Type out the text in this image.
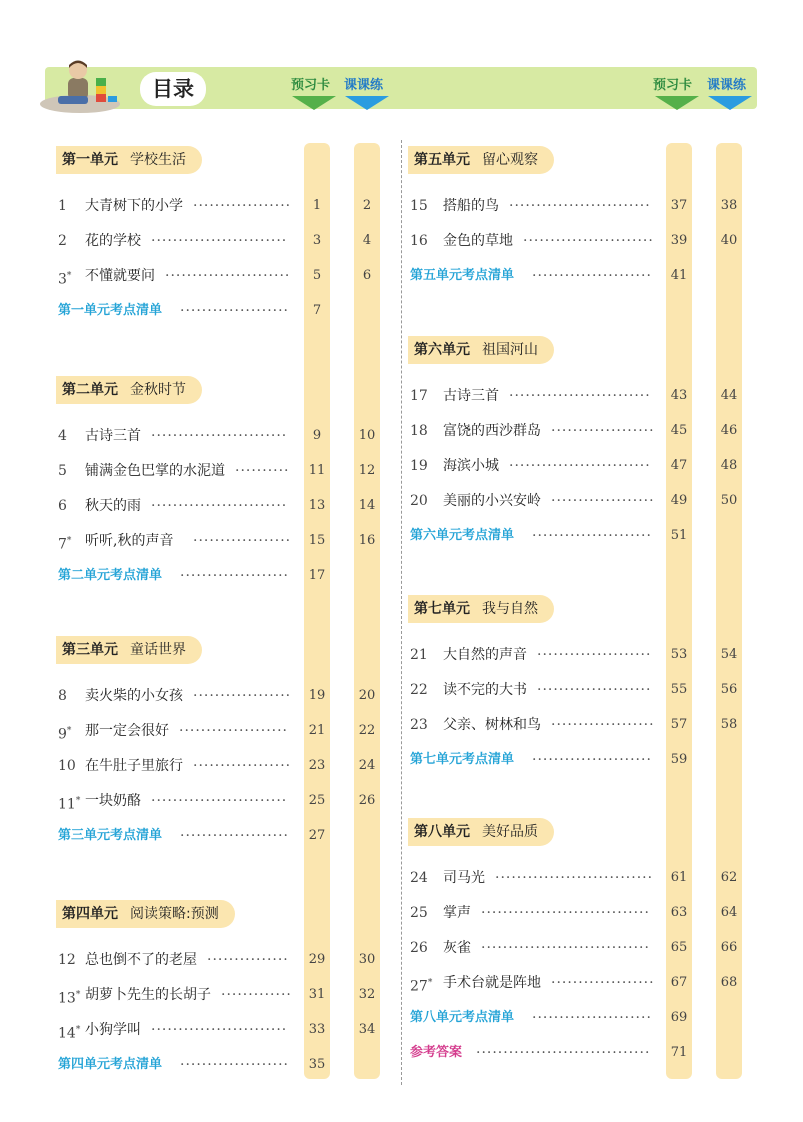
目录	预习卡	课课练	预习卡	课课练
第一单元 学校生活
1 大青树下的小学 ··················	1	2
2 花的学校 ·························	3	4
3* 不懂就要问 ·······················	5	6
第一单元考点清单 ····················	7
第二单元 金秋时节
4 古诗三首 ·························	9	10
5 铺满金色巴掌的水泥道 ··········	11	12
6 秋天的雨 ·························	13	14
7* 听听,秋的声音 ··················	15	16
第二单元考点清单 ····················	17
第三单元 童话世界
8 卖火柴的小女孩 ··················	19	20
9* 那一定会很好 ····················	21	22
10 在牛肚子里旅行 ··················	23	24
11* 一块奶酪 ·························	25	26
第三单元考点清单 ····················	27
第四单元 阅读策略:预测
12 总也倒不了的老屋 ···············	29	30
13* 胡萝卜先生的长胡子 ·············	31	32
14* 小狗学叫 ·························	33	34
第四单元考点清单 ····················	35
第五单元 留心观察
15 搭船的鸟 ··························	37	38
16 金色的草地 ························	39	40
第五单元考点清单 ······················	41
第六单元 祖国河山
17 古诗三首 ··························	43	44
18 富饶的西沙群岛 ···················	45	46
19 海滨小城 ··························	47	48
20 美丽的小兴安岭 ···················	49	50
第六单元考点清单 ······················	51
第七单元 我与自然
21 大自然的声音 ·····················	53	54
22 读不完的大书 ·····················	55	56
23 父亲、树林和鸟 ···················	57	58
第七单元考点清单 ······················	59
第八单元 美好品质
24 司马光 ·····························	61	62
25 掌声 ·······························	63	64
26 灰雀 ·······························	65	66
27* 手术台就是阵地 ···················	67	68
第八单元考点清单 ······················	69
参考答案 ································	71
